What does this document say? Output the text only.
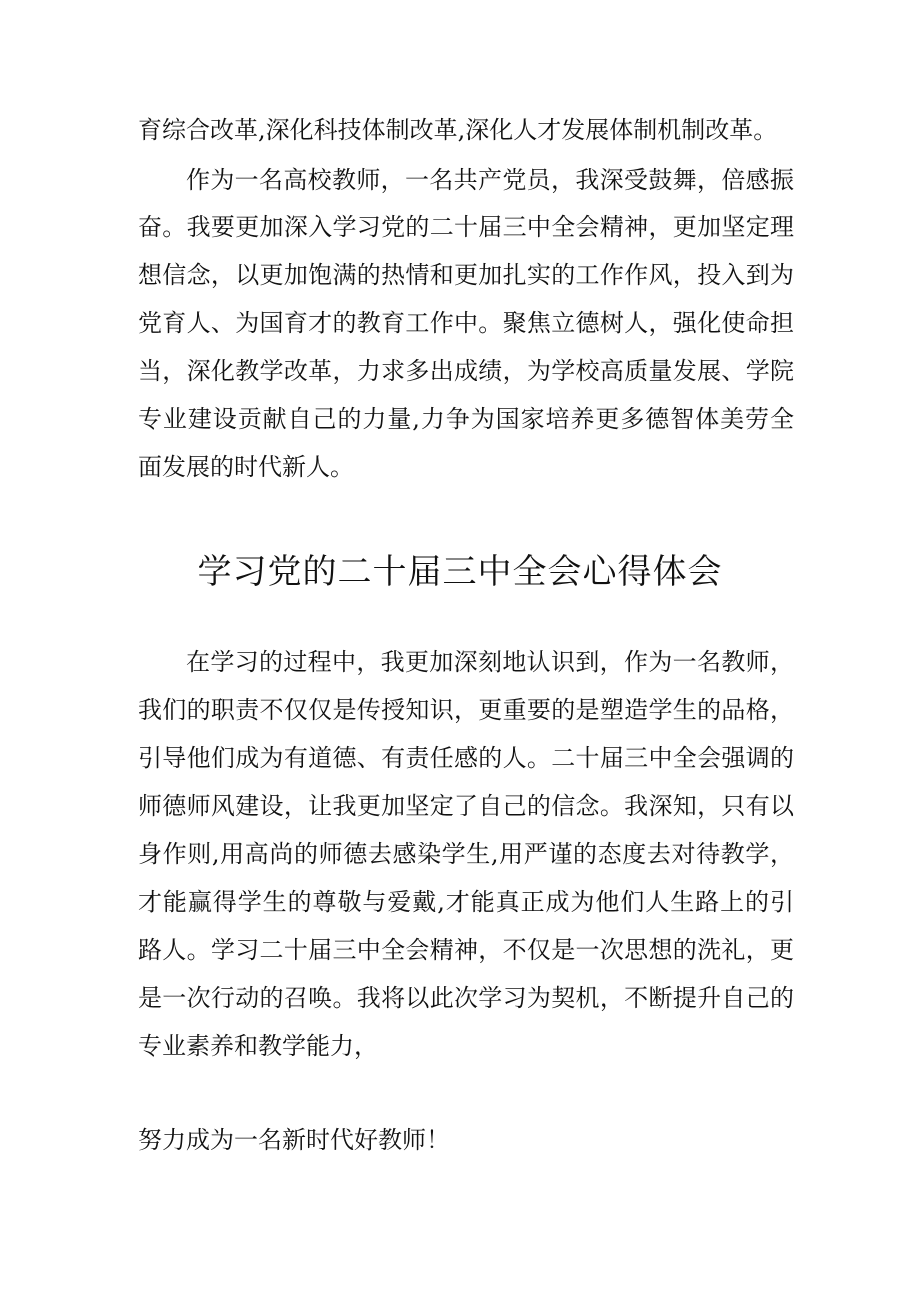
育综合改革,深化科技体制改革,深化人才发展体制机制改革。

作为一名高校教师，一名共产党员，我深受鼓舞，倍感振

奋。我要更加深入学习党的二十届三中全会精神，更加坚定理

想信念，以更加饱满的热情和更加扎实的工作作风，投入到为

党育人、为国育才的教育工作中。聚焦立德树人，强化使命担

当，深化教学改革，力求多出成绩，为学校高质量发展、学院

专业建设贡献自己的力量,力争为国家培养更多德智体美劳全

面发展的时代新人。

学习党的二十届三中全会心得体会

在学习的过程中，我更加深刻地认识到，作为一名教师，

我们的职责不仅仅是传授知识，更重要的是塑造学生的品格，

引导他们成为有道德、有责任感的人。二十届三中全会强调的

师德师风建设，让我更加坚定了自己的信念。我深知，只有以

身作则,用高尚的师德去感染学生,用严谨的态度去对待教学，

才能赢得学生的尊敬与爱戴,才能真正成为他们人生路上的引

路人。学习二十届三中全会精神，不仅是一次思想的洗礼，更

是一次行动的召唤。我将以此次学习为契机，不断提升自己的

专业素养和教学能力，

努力成为一名新时代好教师！
